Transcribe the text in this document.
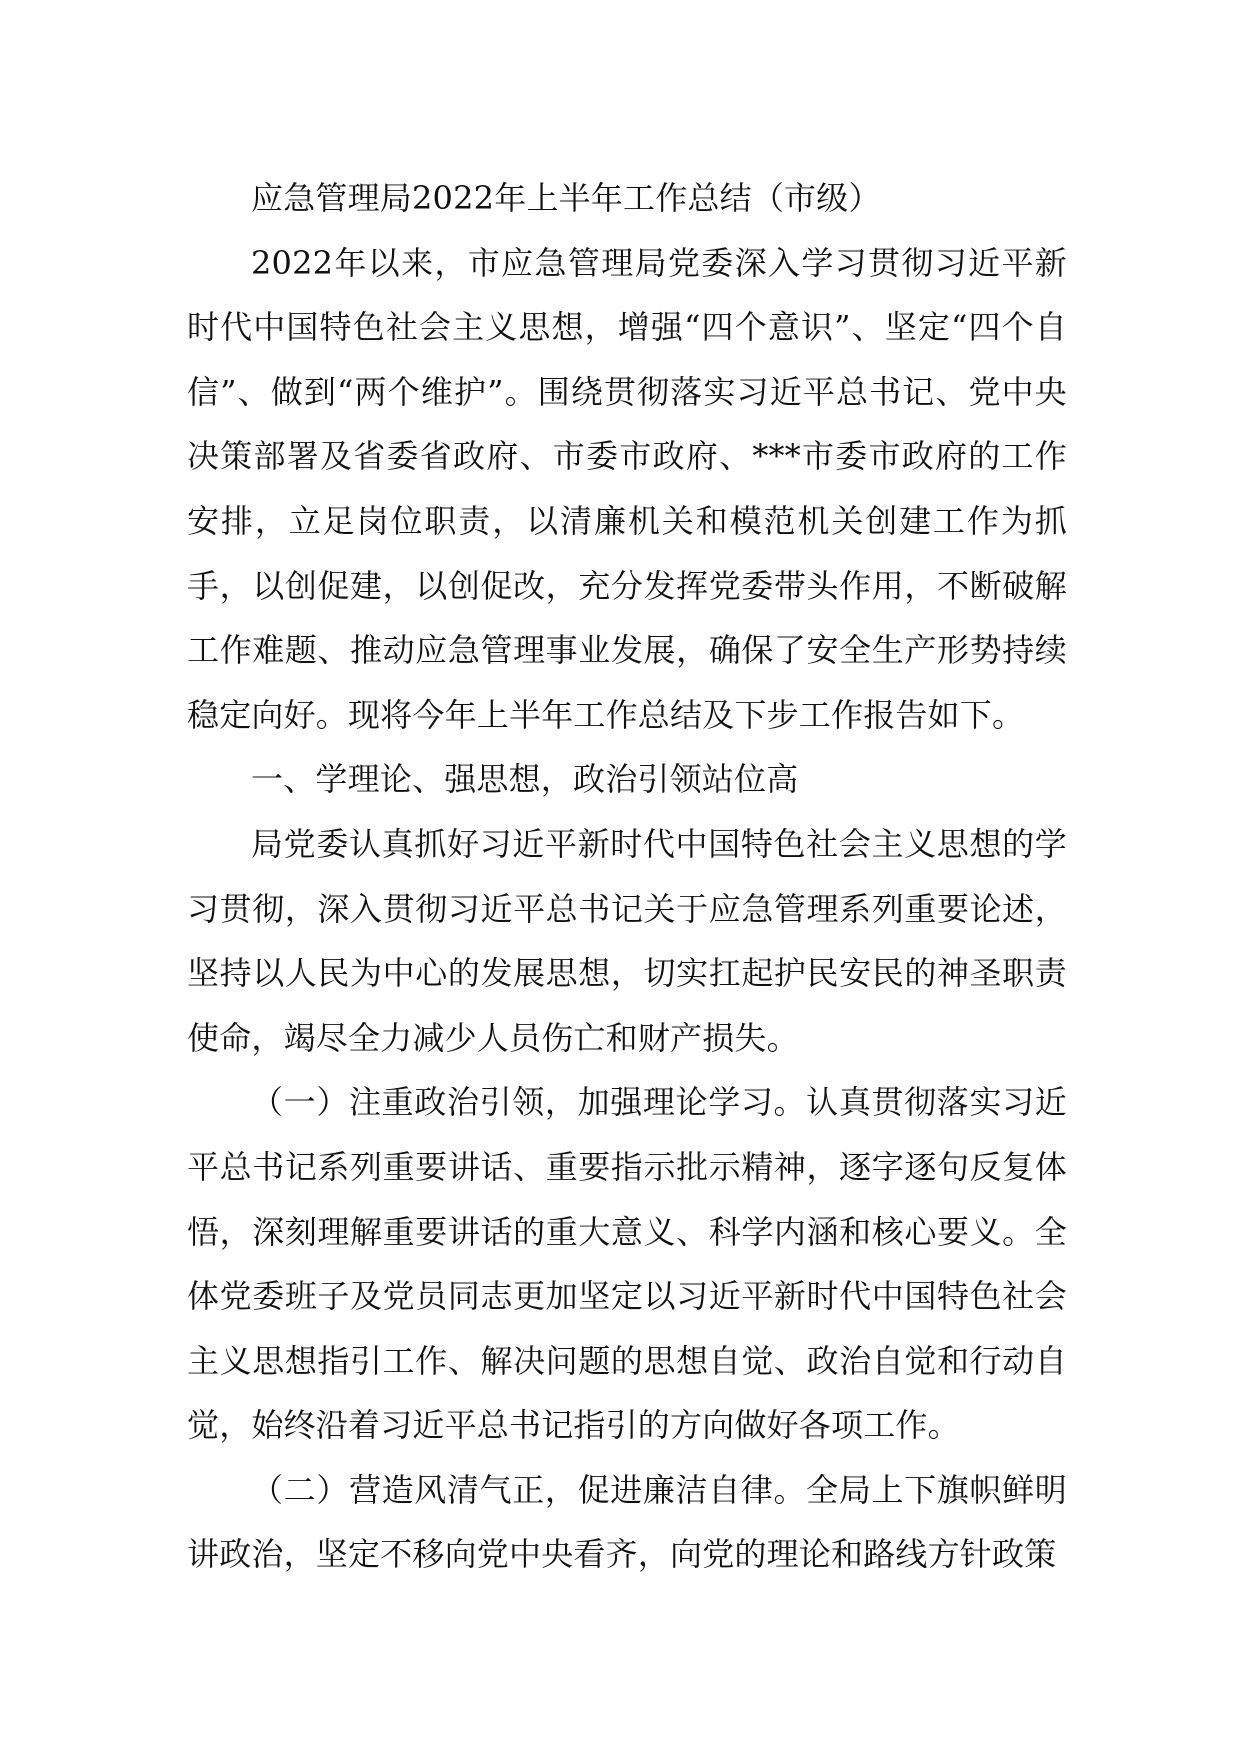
应急管理局2022年上半年工作总结（市级）

2022年以来，市应急管理局党委深入学习贯彻习近平新时代中国特色社会主义思想，增强“四个意识”、坚定“四个自信”、做到“两个维护”。围绕贯彻落实习近平总书记、党中央决策部署及省委省政府、市委市政府、***市委市政府的工作安排，立足岗位职责，以清廉机关和模范机关创建工作为抓手，以创促建，以创促改，充分发挥党委带头作用，不断破解工作难题、推动应急管理事业发展，确保了安全生产形势持续稳定向好。现将今年上半年工作总结及下步工作报告如下。

一、学理论、强思想，政治引领站位高

局党委认真抓好习近平新时代中国特色社会主义思想的学习贯彻，深入贯彻习近平总书记关于应急管理系列重要论述，坚持以人民为中心的发展思想，切实扛起护民安民的神圣职责使命，竭尽全力减少人员伤亡和财产损失。

（一）注重政治引领，加强理论学习。认真贯彻落实习近平总书记系列重要讲话、重要指示批示精神，逐字逐句反复体悟，深刻理解重要讲话的重大意义、科学内涵和核心要义。全体党委班子及党员同志更加坚定以习近平新时代中国特色社会主义思想指引工作、解决问题的思想自觉、政治自觉和行动自觉，始终沿着习近平总书记指引的方向做好各项工作。

（二）营造风清气正，促进廉洁自律。全局上下旗帜鲜明讲政治，坚定不移向党中央看齐，向党的理论和路线方针政策
